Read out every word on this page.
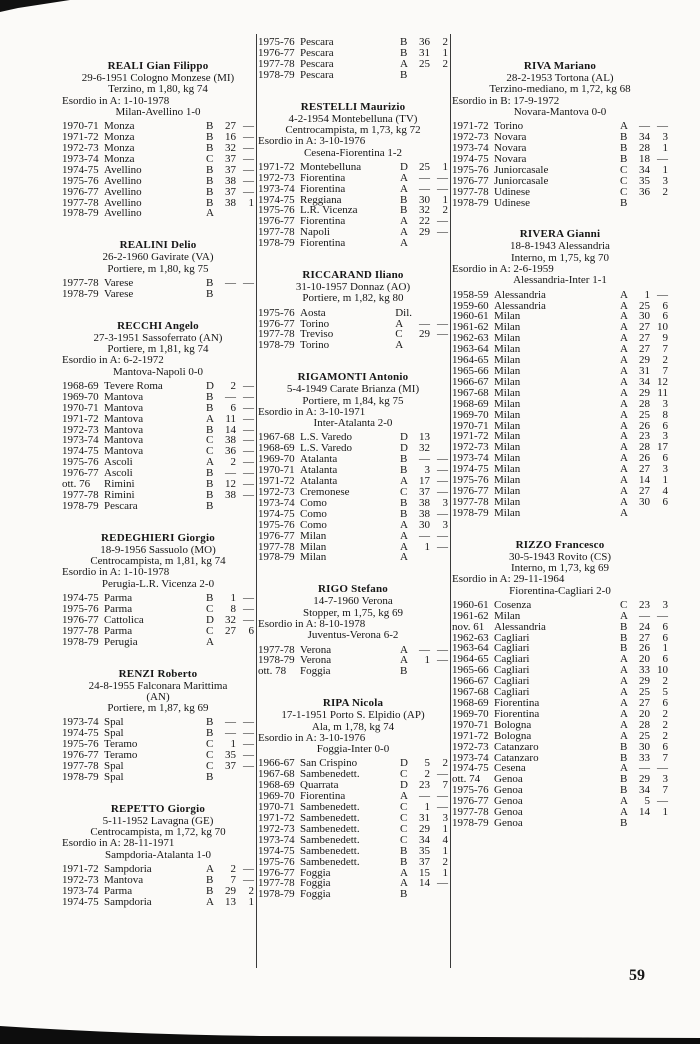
REALI Gian Filippo
29-6-1951 Cologno Monzese (MI)
Terzino, m 1,80, kg 74
Esordio in A: 1-10-1978
Milan-Avellino 1-0
1970-71	Monza	B	27	—
1971-72	Monza	B	16	—
1972-73	Monza	B	32	—
1973-74	Monza	C	37	—
1974-75	Avellino	B	37	—
1975-76	Avellino	B	38	—
1976-77	Avellino	B	37	—
1977-78	Avellino	B	38	1
1978-79	Avellino	A		
REALINI Delio
26-2-1960 Gavirate (VA)
Portiere, m 1,80, kg 75
1977-78	Varese	B	—	—
1978-79	Varese	B		
RECCHI Angelo
27-3-1951 Sassoferrato (AN)
Portiere, m 1,81, kg 74
Esordio in A: 6-2-1972
Mantova-Napoli 0-0
1968-69	Tevere Roma	D	2	—
1969-70	Mantova	B	—	—
1970-71	Mantova	B	6	—
1971-72	Mantova	A	11	—
1972-73	Mantova	B	14	—
1973-74	Mantova	C	38	—
1974-75	Mantova	C	36	—
1975-76	Ascoli	A	2	—
1976-77	Ascoli	B	—	—
ott. 76	Rimini	B	12	—
1977-78	Rimini	B	38	—
1978-79	Pescara	B		
REDEGHIERI Giorgio
18-9-1956 Sassuolo (MO)
Centrocampista, m 1,81, kg 74
Esordio in A: 1-10-1978
Perugia-L.R. Vicenza 2-0
1974-75	Parma	B	1	—
1975-76	Parma	C	8	—
1976-77	Cattolica	D	32	—
1977-78	Parma	C	27	6
1978-79	Perugia	A		
RENZI Roberto
24-8-1955 Falconara Marittima
(AN)
Portiere, m 1,87, kg 69
1973-74	Spal	B	—	—
1974-75	Spal	B	—	—
1975-76	Teramo	C	1	—
1976-77	Teramo	C	35	—
1977-78	Spal	C	37	—
1978-79	Spal	B		
REPETTO Giorgio
5-11-1952 Lavagna (GE)
Centrocampista, m 1,72, kg 70
Esordio in A: 28-11-1971
Sampdoria-Atalanta 1-0
1971-72	Sampdoria	A	2	—
1972-73	Mantova	B	7	—
1973-74	Parma	B	29	2
1974-75	Sampdoria	A	13	1
1975-76	Pescara	B	36	2
1976-77	Pescara	B	31	1
1977-78	Pescara	A	25	2
1978-79	Pescara	B		
RESTELLI Maurizio
4-2-1954 Montebelluna (TV)
Centrocampista, m 1,73, kg 72
Esordio in A: 3-10-1976
Cesena-Fiorentina 1-2
1971-72	Montebelluna	D	25	1
1972-73	Fiorentina	A	—	—
1973-74	Fiorentina	A	—	—
1974-75	Reggiana	B	30	1
1975-76	L.R. Vicenza	B	32	2
1976-77	Fiorentina	A	22	—
1977-78	Napoli	A	29	—
1978-79	Fiorentina	A		
RICCARAND Iliano
31-10-1957 Donnaz (AO)
Portiere, m 1,82, kg 80
1975-76	Aosta	Dil.		
1976-77	Torino	A	—	—
1977-78	Treviso	C	29	—
1978-79	Torino	A		
RIGAMONTI Antonio
5-4-1949 Carate Brianza (MI)
Portiere, m 1,84, kg 75
Esordio in A: 3-10-1971
Inter-Atalanta 2-0
1967-68	L.S. Varedo	D	13	
1968-69	L.S. Varedo	D	32	
1969-70	Atalanta	B	—	—
1970-71	Atalanta	B	3	—
1971-72	Atalanta	A	17	—
1972-73	Cremonese	C	37	—
1973-74	Como	B	38	3
1974-75	Como	B	38	—
1975-76	Como	A	30	3
1976-77	Milan	A	—	—
1977-78	Milan	A	1	—
1978-79	Milan	A		
RIGO Stefano
14-7-1960 Verona
Stopper, m 1,75, kg 69
Esordio in A: 8-10-1978
Juventus-Verona 6-2
1977-78	Verona	A	—	—
1978-79	Verona	A	1	—
ott. 78	Foggia	B		
RIPA Nicola
17-1-1951 Porto S. Elpidio (AP)
Ala, m 1,78, kg 74
Esordio in A: 3-10-1976
Foggia-Inter 0-0
1966-67	San Crispino	D	5	2
1967-68	Sambenedett.	C	2	—
1968-69	Quarrata	D	23	7
1969-70	Fiorentina	A	—	—
1970-71	Sambenedett.	C	1	—
1971-72	Sambenedett.	C	31	3
1972-73	Sambenedett.	C	29	1
1973-74	Sambenedett.	C	34	4
1974-75	Sambenedett.	B	35	1
1975-76	Sambenedett.	B	37	2
1976-77	Foggia	A	15	1
1977-78	Foggia	A	14	—
1978-79	Foggia	B		
RIVA Mariano
28-2-1953 Tortona (AL)
Terzino-mediano, m 1,72, kg 68
Esordio in B: 17-9-1972
Novara-Mantova 0-0
1971-72	Torino	A	—	—
1972-73	Novara	B	34	3
1973-74	Novara	B	28	1
1974-75	Novara	B	18	—
1975-76	Juniorcasale	C	34	1
1976-77	Juniorcasale	C	35	3
1977-78	Udinese	C	36	2
1978-79	Udinese	B		
RIVERA Gianni
18-8-1943 Alessandria
Interno, m 1,75, kg 70
Esordio in A: 2-6-1959
Alessandria-Inter 1-1
1958-59	Alessandria	A	1	—
1959-60	Alessandria	A	25	6
1960-61	Milan	A	30	6
1961-62	Milan	A	27	10
1962-63	Milan	A	27	9
1963-64	Milan	A	27	7
1964-65	Milan	A	29	2
1965-66	Milan	A	31	7
1966-67	Milan	A	34	12
1967-68	Milan	A	29	11
1968-69	Milan	A	28	3
1969-70	Milan	A	25	8
1970-71	Milan	A	26	6
1971-72	Milan	A	23	3
1972-73	Milan	A	28	17
1973-74	Milan	A	26	6
1974-75	Milan	A	27	3
1975-76	Milan	A	14	1
1976-77	Milan	A	27	4
1977-78	Milan	A	30	6
1978-79	Milan	A		
RIZZO Francesco
30-5-1943 Rovito (CS)
Interno, m 1,73, kg 69
Esordio in A: 29-11-1964
Fiorentina-Cagliari 2-0
1960-61	Cosenza	C	23	3
1961-62	Milan	A	—	—
nov. 61	Alessandria	B	24	6
1962-63	Cagliari	B	27	6
1963-64	Cagliari	B	26	1
1964-65	Cagliari	A	20	6
1965-66	Cagliari	A	33	10
1966-67	Cagliari	A	29	2
1967-68	Cagliari	A	25	5
1968-69	Fiorentina	A	27	6
1969-70	Fiorentina	A	20	2
1970-71	Bologna	A	28	2
1971-72	Bologna	A	25	2
1972-73	Catanzaro	B	30	6
1973-74	Catanzaro	B	33	7
1974-75	Cesena	A	—	—
ott. 74	Genoa	B	29	3
1975-76	Genoa	B	34	7
1976-77	Genoa	A	5	—
1977-78	Genoa	A	14	1
1978-79	Genoa	B		
59
